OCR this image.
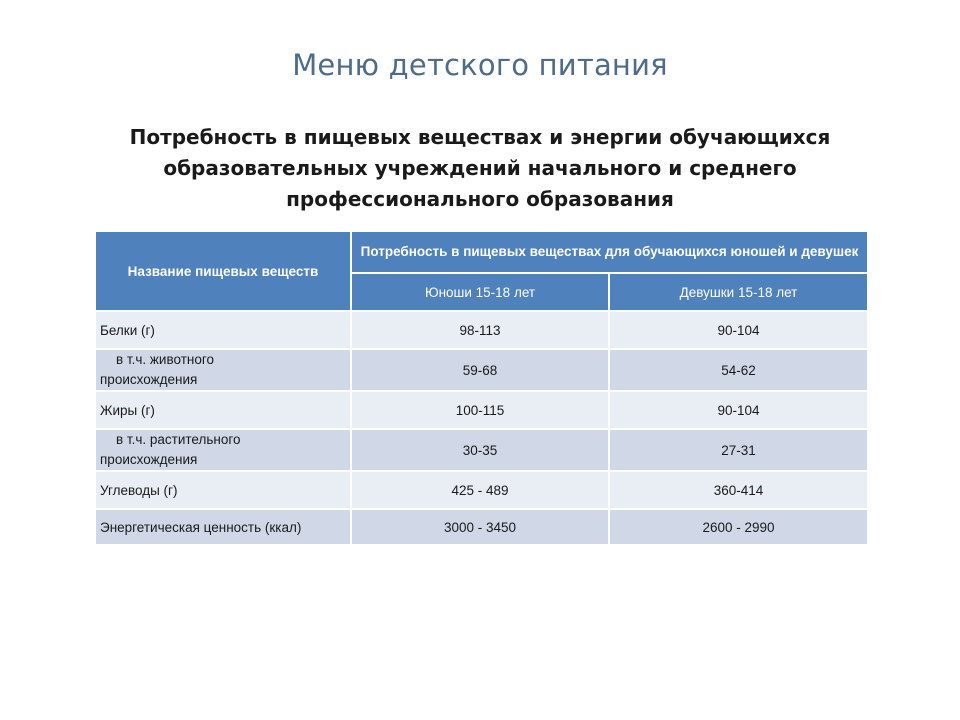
Меню детского питания
Потребность в пищевых веществах и энергии обучающихся образовательных учреждений начального и среднего профессионального образования
Название пищевых веществ	Потребность в пищевых веществах для обучающихся юношей и девушек	
	Юноши 15-18 лет	Девушки 15-18 лет
Белки (г)	98-113	90-104

в т.ч. животного
происхождения	59-68	54-62
Жиры (г)	100-115	90-104

в т.ч. растительного
происхождения	30-35	27-31
Углеводы (г)	425 - 489	360-414
Энергетическая ценность (ккал)	3000 - 3450	2600 - 2990
